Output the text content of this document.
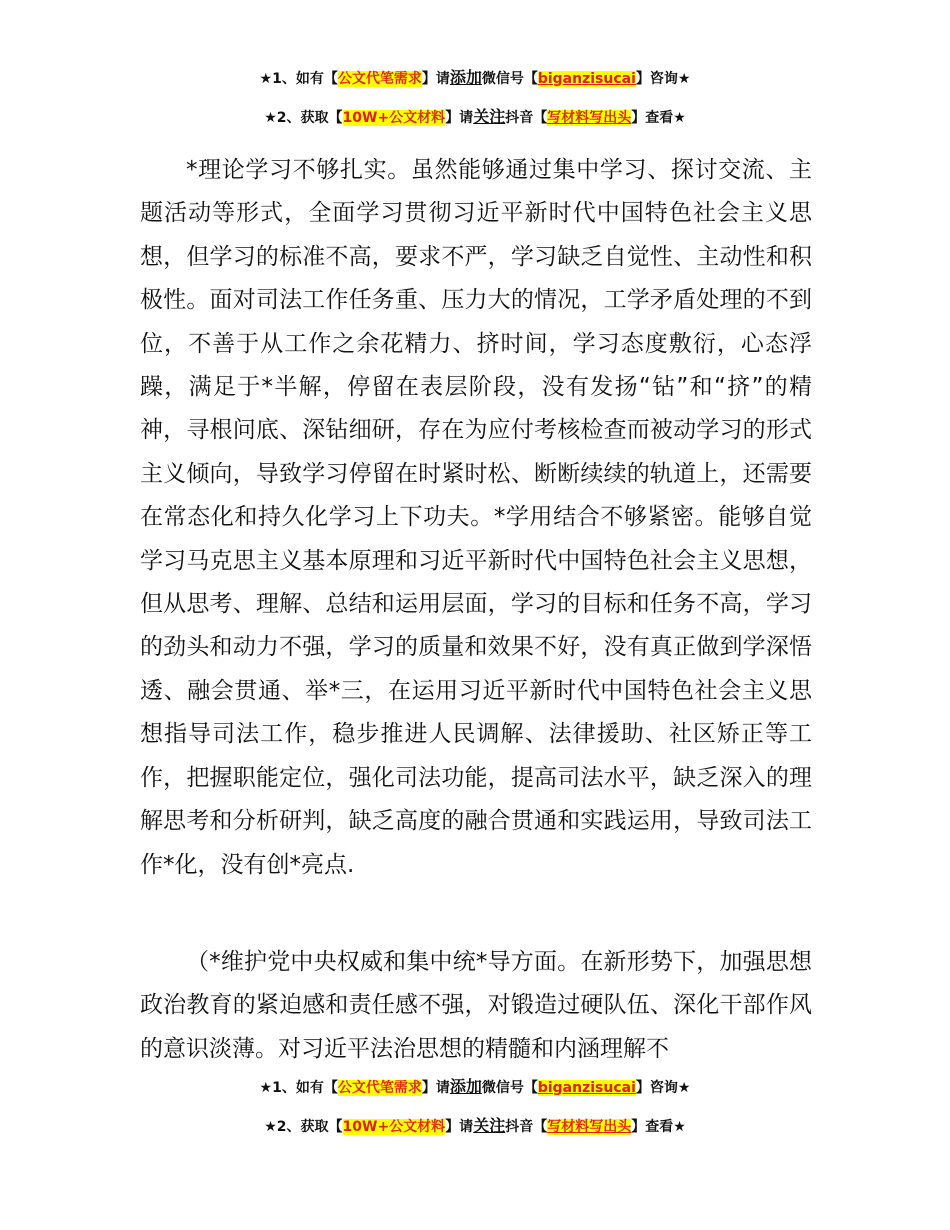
★1、如有【公文代笔需求】请添加微信号【biganzisucai】咨询★
★2、获取【10W+公文材料】请关注抖音【写材料写出头】查看★

*理论学习不够扎实。虽然能够通过集中学习、探讨交流、主题活动等形式，全面学习贯彻习近平新时代中国特色社会主义思想，但学习的标准不高，要求不严，学习缺乏自觉性、主动性和积极性。面对司法工作任务重、压力大的情况，工学矛盾处理的不到位，不善于从工作之余花精力、挤时间，学习态度敷衍，心态浮躁，满足于*半解，停留在表层阶段，没有发扬“钻”和“挤”的精神，寻根问底、深钻细研，存在为应付考核检查而被动学习的形式主义倾向，导致学习停留在时紧时松、断断续续的轨道上，还需要在常态化和持久化学习上下功夫。*学用结合不够紧密。能够自觉学习马克思主义基本原理和习近平新时代中国特色社会主义思想，但从思考、理解、总结和运用层面，学习的目标和任务不高，学习的劲头和动力不强，学习的质量和效果不好，没有真正做到学深悟透、融会贯通、举*三，在运用习近平新时代中国特色社会主义思想指导司法工作，稳步推进人民调解、法律援助、社区矫正等工作，把握职能定位，强化司法功能，提高司法水平，缺乏深入的理解思考和分析研判，缺乏高度的融合贯通和实践运用，导致司法工作*化，没有创*亮点.

（*维护党中央权威和集中统*导方面。在新形势下，加强思想政治教育的紧迫感和责任感不强，对锻造过硬队伍、深化干部作风的意识淡薄。对习近平法治思想的精髓和内涵理解不

★1、如有【公文代笔需求】请添加微信号【biganzisucai】咨询★
★2、获取【10W+公文材料】请关注抖音【写材料写出头】查看★
